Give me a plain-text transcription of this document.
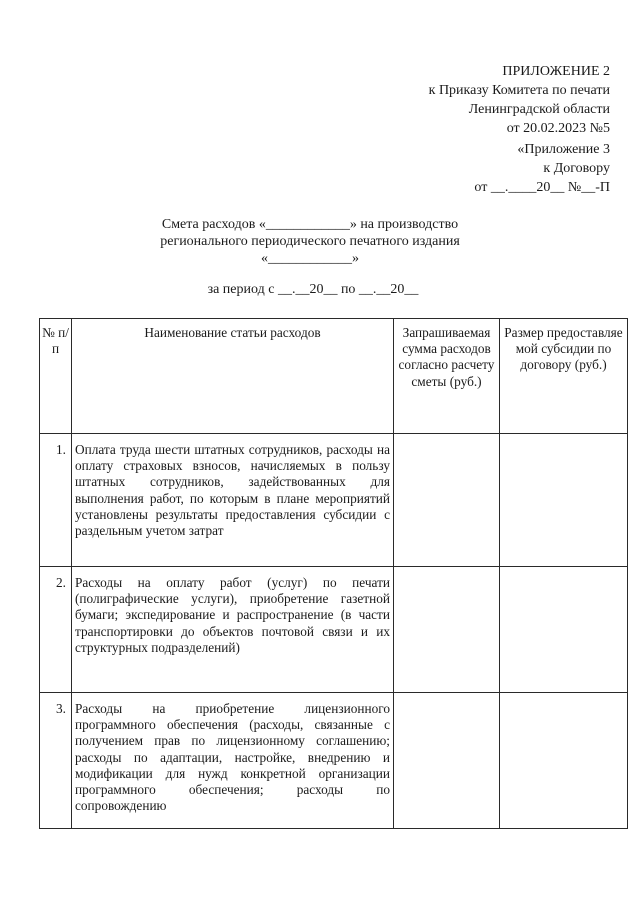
ПРИЛОЖЕНИЕ 2
к Приказу Комитета по печати
Ленинградской области
от 20.02.2023 №5
«Приложение 3
к Договору
от __.____20__ №__-П
Смета расходов «____________» на производство
регионального периодического печатного издания
«____________»
за период с __.__20__ по __.__20__
№ п/п	Наименование статьи расходов	Запрашиваемая сумма расходов согласно расчету сметы (руб.)	Размер предоставляе мой субсидии по договору (руб.)
1.	Оплата труда шести штатных сотрудников, расходы на оплату страховых взносов, начисляемых в пользу штатных сотрудников, задействованных для выполнения работ, по которым в плане мероприятий установлены результаты предоставления субсидии с раздельным учетом затрат		
2.	Расходы на оплату работ (услуг) по печати (полиграфические услуги), приобретение газетной бумаги; экспедирование и распространение (в части транспортировки до объектов почтовой связи и их структурных подразделений)		
3.	Расходы на приобретение лицензионного программного обеспечения (расходы, связанные с получением прав по лицензионному соглашению; расходы по адаптации, настройке, внедрению и модификации для нужд конкретной организации программного обеспечения; расходы по сопровождению		
